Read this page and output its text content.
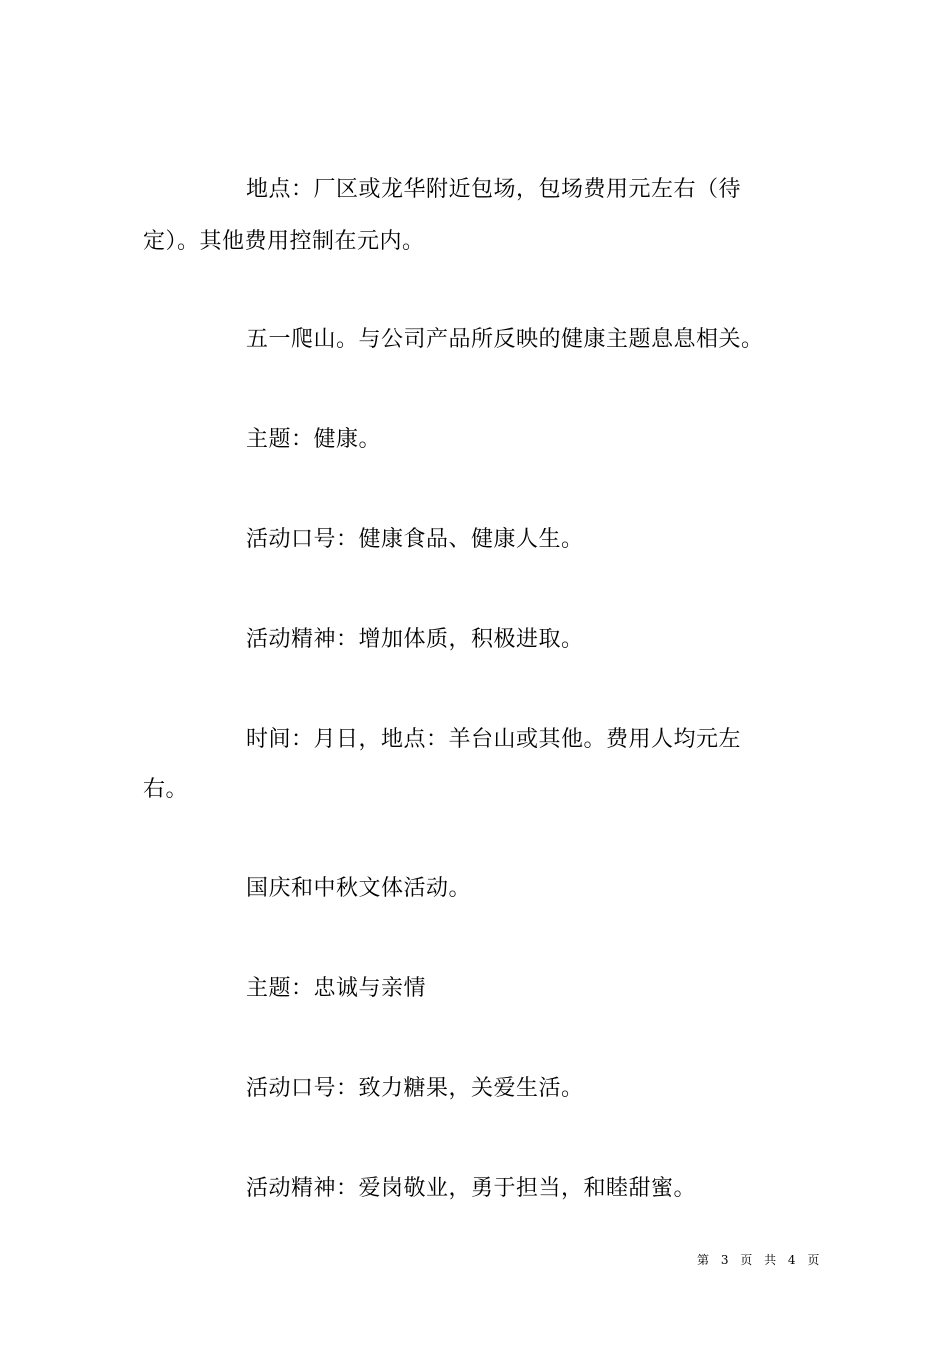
地点：厂区或龙华附近包场，包场费用元左右（待
定）。其他费用控制在元内。
五一爬山。与公司产品所反映的健康主题息息相关。
主题：健康。
活动口号：健康食品、健康人生。
活动精神：增加体质，积极进取。
时间：月日，地点：羊台山或其他。费用人均元左
右。
国庆和中秋文体活动。
主题：忠诚与亲情
活动口号：致力糖果，关爱生活。
活动精神：爱岗敬业，勇于担当，和睦甜蜜。
第 3 页 共 4 页
